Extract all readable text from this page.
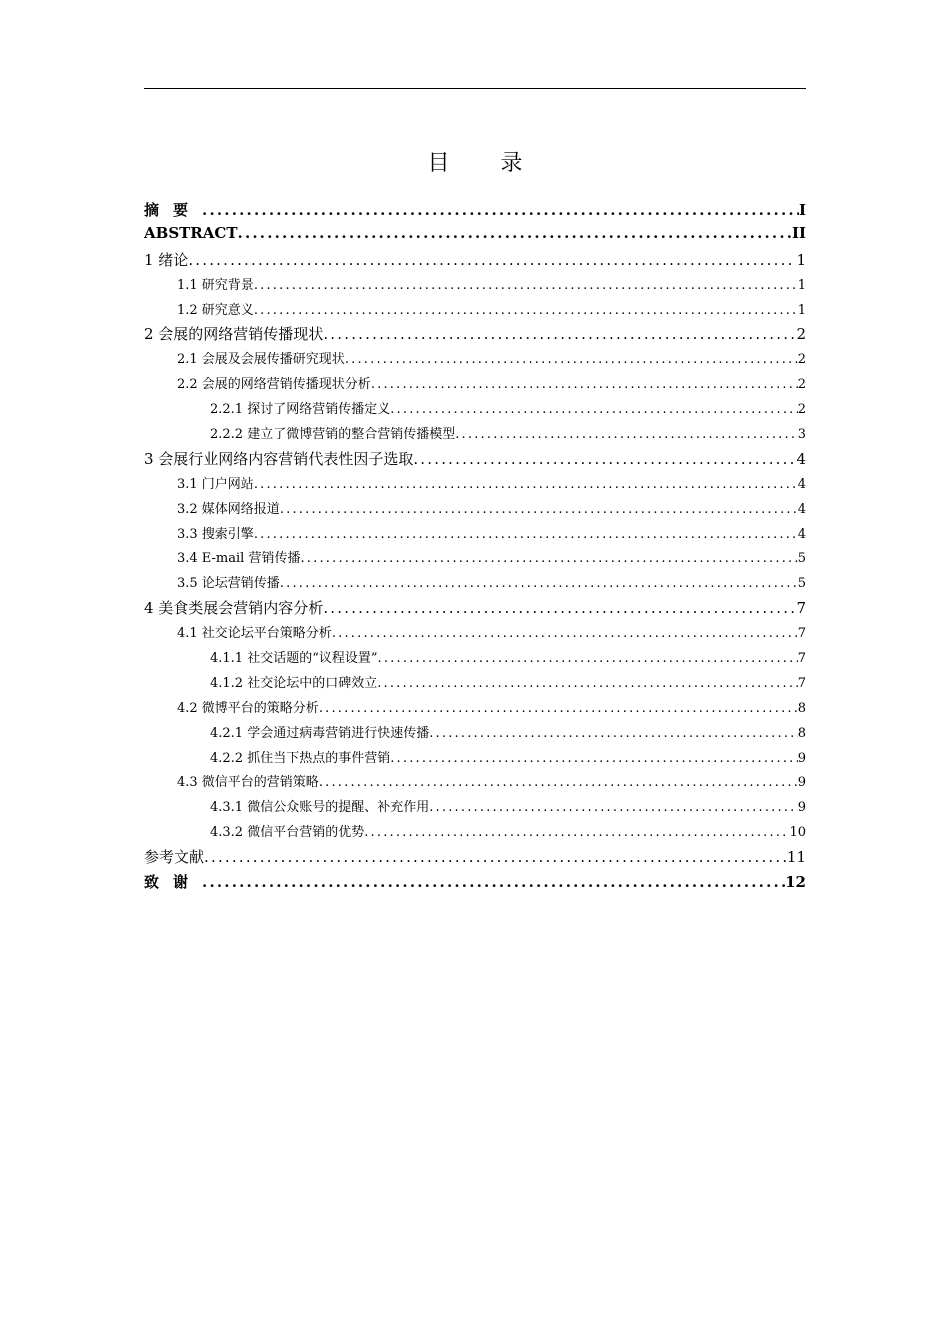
目 录
摘要 .....	I
ABSTRACT .....	II
1 绪论 .....	1
1.1 研究背景 .....	1
1.2 研究意义 .....	1
2 会展的网络营销传播现状 .....	2
2.1 会展及会展传播研究现状 .....	2
2.2 会展的网络营销传播现状分析 .....	2
2.2.1 探讨了网络营销传播定义 .....	2
2.2.2 建立了微博营销的整合营销传播模型 .....	3
3 会展行业网络内容营销代表性因子选取 .....	4
3.1 门户网站 .....	4
3.2 媒体网络报道 .....	4
3.3 搜索引擎 .....	4
3.4 E-mail 营销传播 .....	5
3.5 论坛营销传播 .....	5
4 美食类展会营销内容分析 .....	7
4.1 社交论坛平台策略分析 .....	7
4.1.1 社交话题的“议程设置” .....	7
4.1.2 社交论坛中的口碑效立 .....	7
4.2 微博平台的策略分析 .....	8
4.2.1 学会通过病毒营销进行快速传播 .....	8
4.2.2 抓住当下热点的事件营销 .....	9
4.3 微信平台的营销策略 .....	9
4.3.1 微信公众账号的提醒、补充作用 .....	9
4.3.2 微信平台营销的优势 .....	10
参考文献 .....	11
致谢 .....	12
